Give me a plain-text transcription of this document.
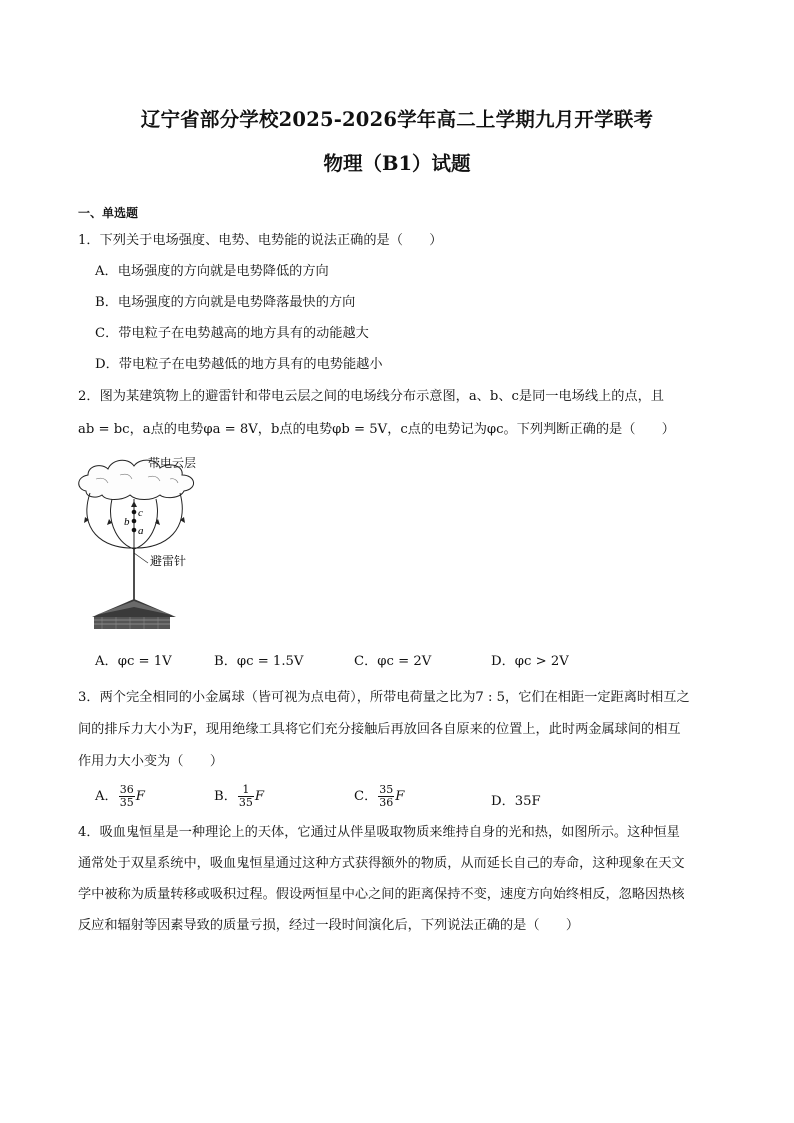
辽宁省部分学校2025-2026学年高二上学期九月开学联考
物理（B1）试题
一、单选题
1．下列关于电场强度、电势、电势能的说法正确的是（　　）
A．电场强度的方向就是电势降低的方向
B．电场强度的方向就是电势降落最快的方向
C．带电粒子在电势越高的地方具有的动能越大
D．带电粒子在电势越低的地方具有的电势能越小
2．图为某建筑物上的避雷针和带电云层之间的电场线分布示意图，a、b、c是同一电场线上的点，且
ab = bc，a点的电势φa = 8V，b点的电势φb = 5V，c点的电势记为φc。下列判断正确的是（　　）
带电云层
c
b
a
避雷针
A．φc = 1V	B．φc = 1.5V	C．φc = 2V	D．φc > 2V
3．两个完全相同的小金属球（皆可视为点电荷），所带电荷量之比为7 : 5，它们在相距一定距离时相互之
间的排斥力大小为F，现用绝缘工具将它们充分接触后再放回各自原来的位置上，此时两金属球间的相互
作用力大小变为（　　）
A． $\frac{36}{35}$ F	B． $\frac{1}{35}$ F	C． $\frac{35}{36}$ F	D．35F
4．吸血鬼恒星是一种理论上的天体，它通过从伴星吸取物质来维持自身的光和热，如图所示。这种恒星
通常处于双星系统中，吸血鬼恒星通过这种方式获得额外的物质，从而延长自己的寿命，这种现象在天文
学中被称为质量转移或吸积过程。假设两恒星中心之间的距离保持不变，速度方向始终相反，忽略因热核
反应和辐射等因素导致的质量亏损，经过一段时间演化后，下列说法正确的是（　　）
